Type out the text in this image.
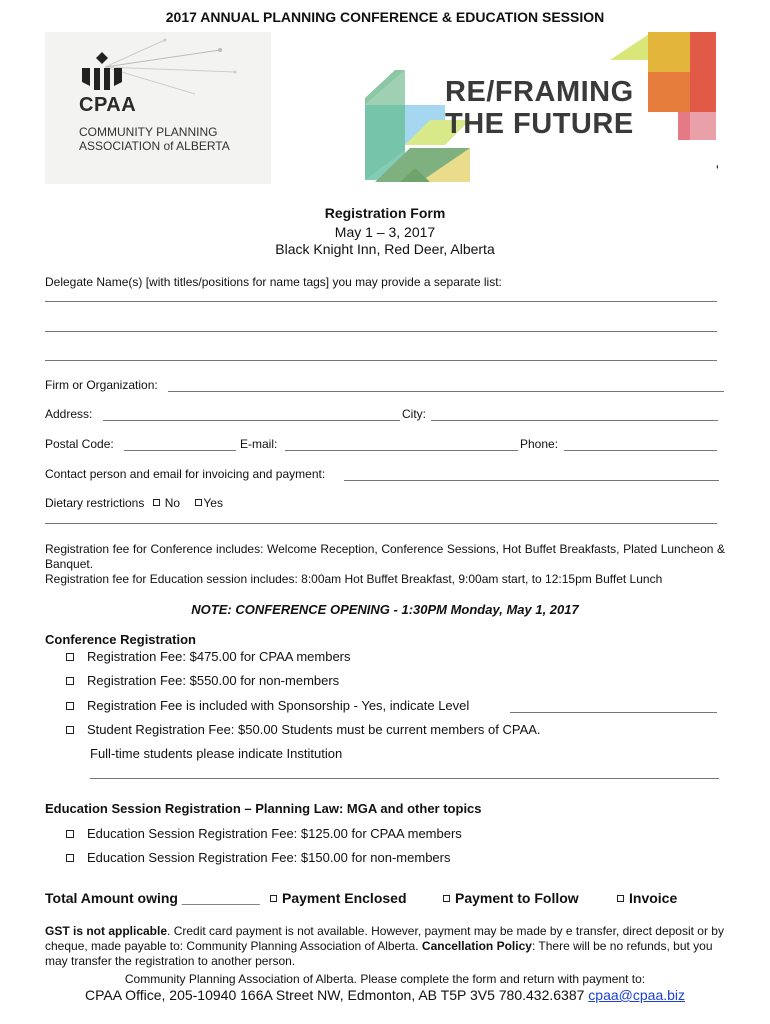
2017 ANNUAL PLANNING CONFERENCE & EDUCATION SESSION
CPAA
COMMUNITY PLANNING
ASSOCIATION of ALBERTA
RE/FRAMING
THE FUTURE
'
Registration Form
May 1 – 3, 2017
Black Knight Inn, Red Deer, Alberta
Delegate Name(s) [with titles/positions for name tags] you may provide a separate list:
Firm or Organization:
Address:	City:
Postal Code:	E-mail:	Phone:
Contact person and email for invoicing and payment:
Dietary restrictions No Yes
Registration fee for Conference includes: Welcome Reception, Conference Sessions, Hot Buffet Breakfasts, Plated Luncheon & Banquet.
Registration fee for Education session includes: 8:00am Hot Buffet Breakfast, 9:00am start, to 12:15pm Buffet Lunch
NOTE: CONFERENCE OPENING - 1:30PM Monday, May 1, 2017
Conference Registration
Registration Fee: $475.00 for CPAA members
Registration Fee: $550.00 for non-members
Registration Fee is included with Sponsorship - Yes, indicate Level
Student Registration Fee: $50.00 Students must be current members of CPAA.
Full-time students please indicate Institution
Education Session Registration – Planning Law: MGA and other topics
Education Session Registration Fee: $125.00 for CPAA members
Education Session Registration Fee: $150.00 for non-members
Total Amount owing __________	Payment Enclosed	Payment to Follow	Invoice
GST is not applicable. Credit card payment is not available. However, payment may be made by e transfer, direct deposit or by cheque, made payable to: Community Planning Association of Alberta. Cancellation Policy: There will be no refunds, but you may transfer the registration to another person.
Community Planning Association of Alberta. Please complete the form and return with payment to:
CPAA Office, 205-10940 166A Street NW, Edmonton, AB T5P 3V5 780.432.6387 cpaa@cpaa.biz
